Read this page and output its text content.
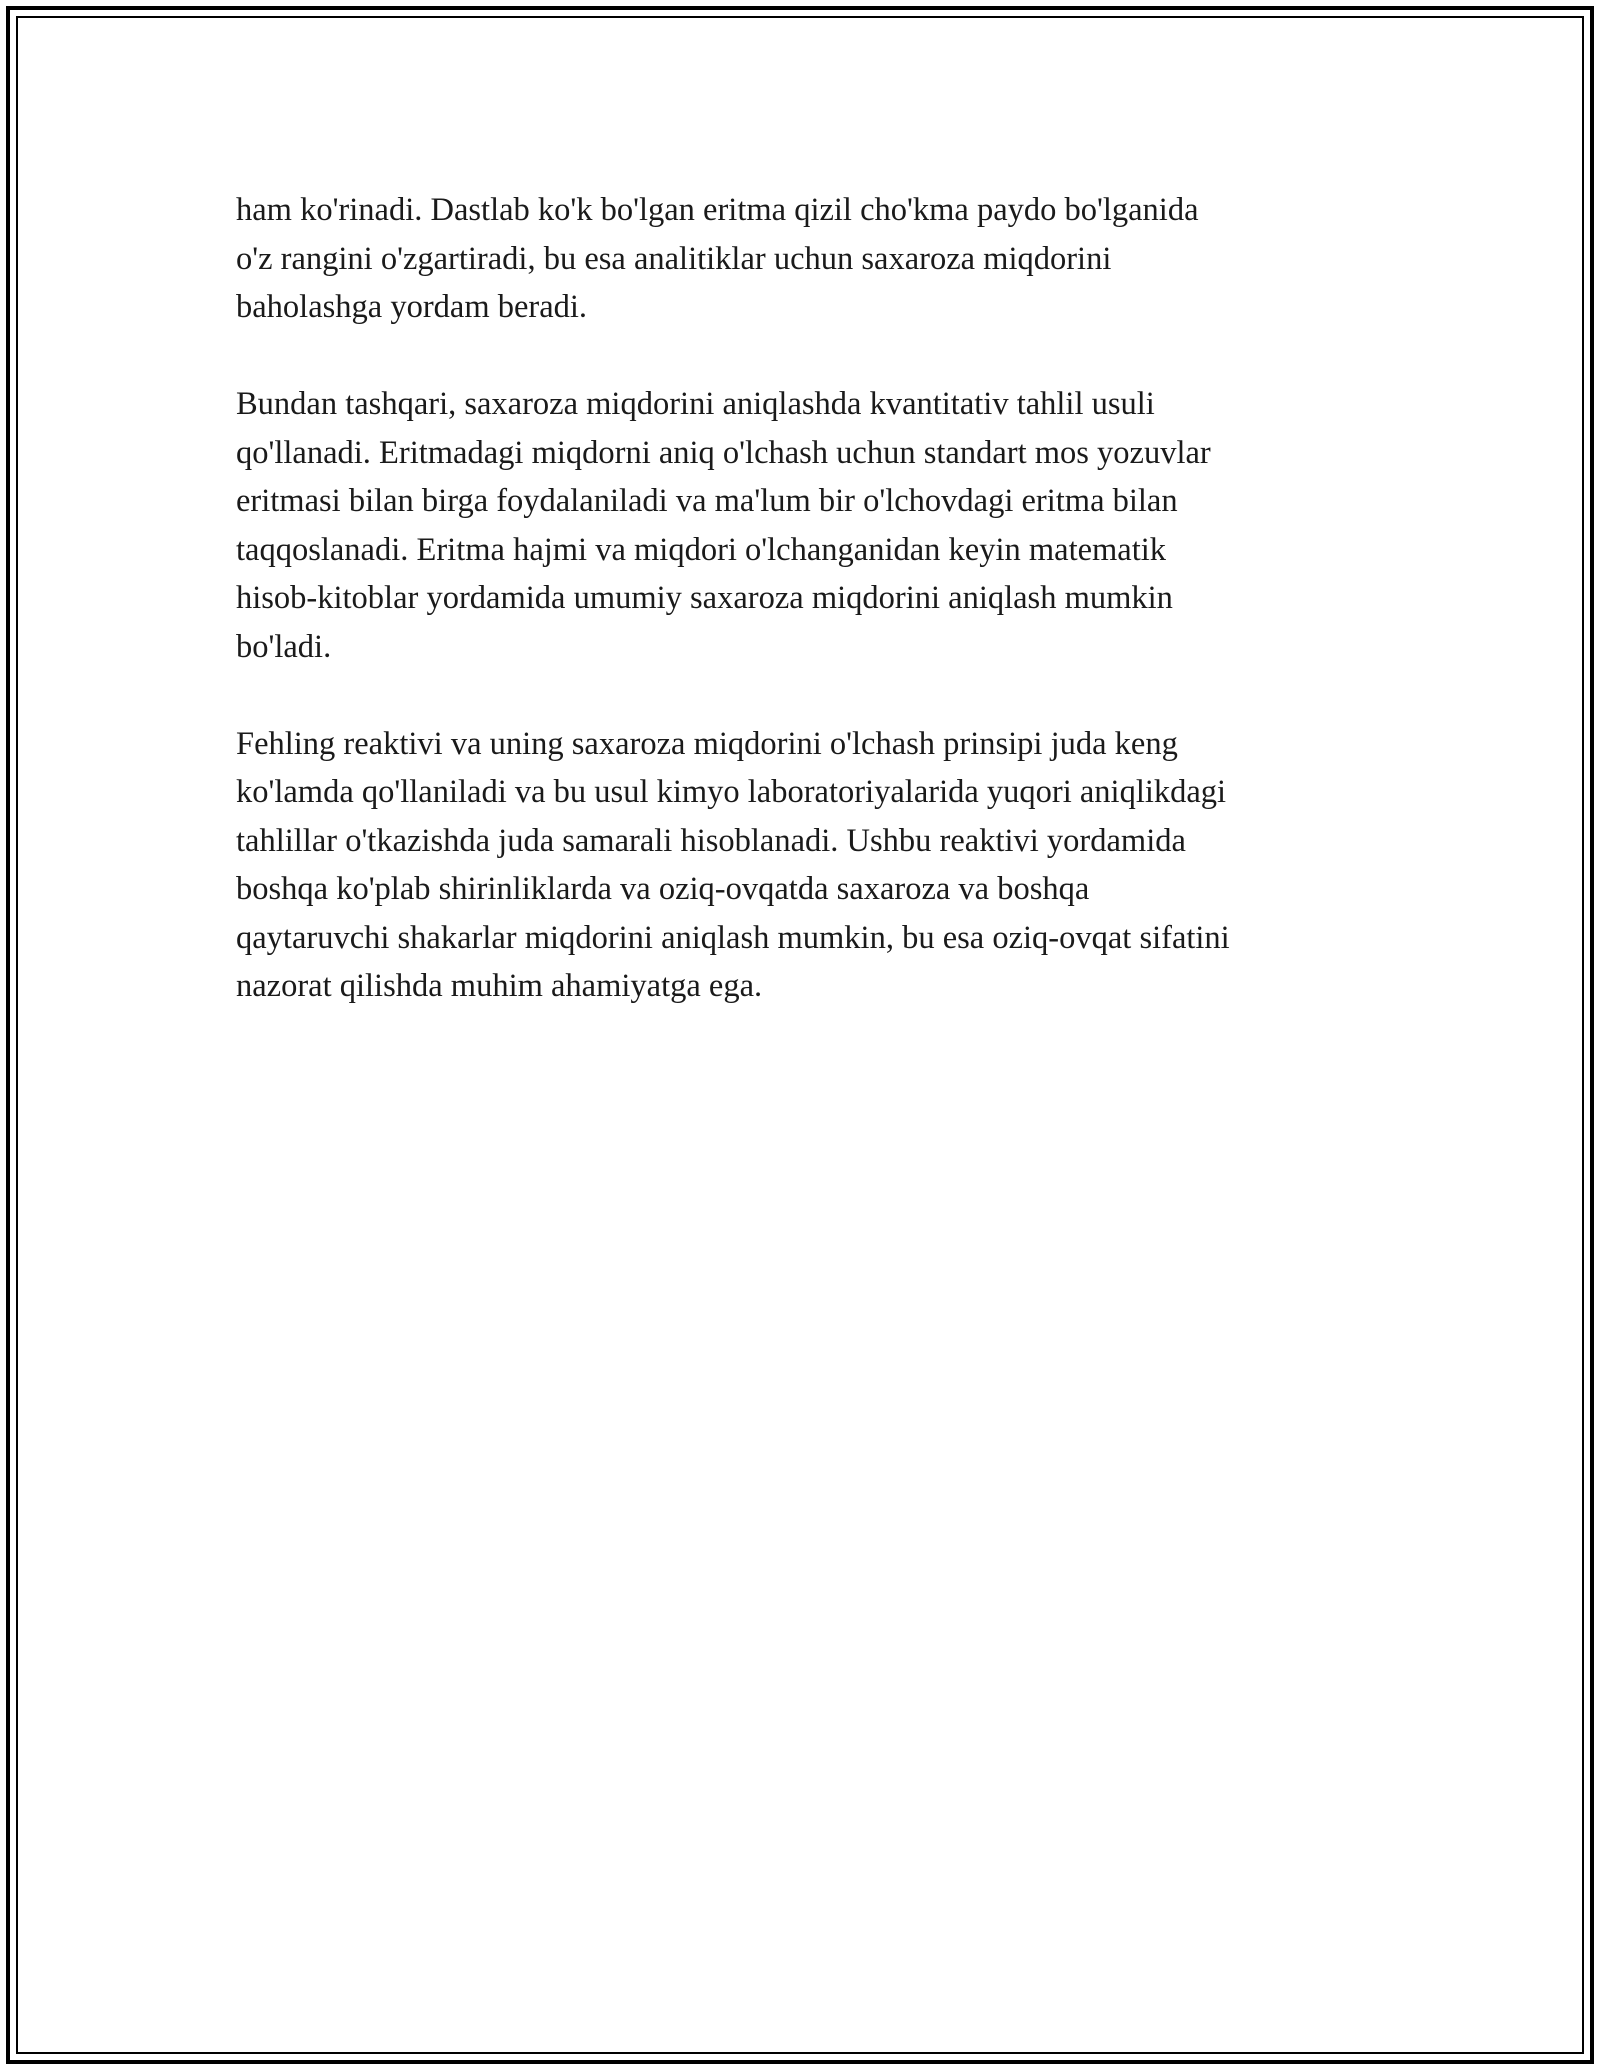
ham ko'rinadi. Dastlab ko'k bo'lgan eritma qizil cho'kma paydo bo'lganida
o'z rangini o'zgartiradi, bu esa analitiklar uchun saxaroza miqdorini
baholashga yordam beradi.

Bundan tashqari, saxaroza miqdorini aniqlashda kvantitativ tahlil usuli
qo'llanadi. Eritmadagi miqdorni aniq o'lchash uchun standart mos yozuvlar
eritmasi bilan birga foydalaniladi va ma'lum bir o'lchovdagi eritma bilan
taqqoslanadi. Eritma hajmi va miqdori o'lchanganidan keyin matematik
hisob-kitoblar yordamida umumiy saxaroza miqdorini aniqlash mumkin
bo'ladi.

Fehling reaktivi va uning saxaroza miqdorini o'lchash prinsipi juda keng
ko'lamda qo'llaniladi va bu usul kimyo laboratoriyalarida yuqori aniqlikdagi
tahlillar o'tkazishda juda samarali hisoblanadi. Ushbu reaktivi yordamida
boshqa ko'plab shirinliklarda va oziq-ovqatda saxaroza va boshqa
qaytaruvchi shakarlar miqdorini aniqlash mumkin, bu esa oziq-ovqat sifatini
nazorat qilishda muhim ahamiyatga ega.
